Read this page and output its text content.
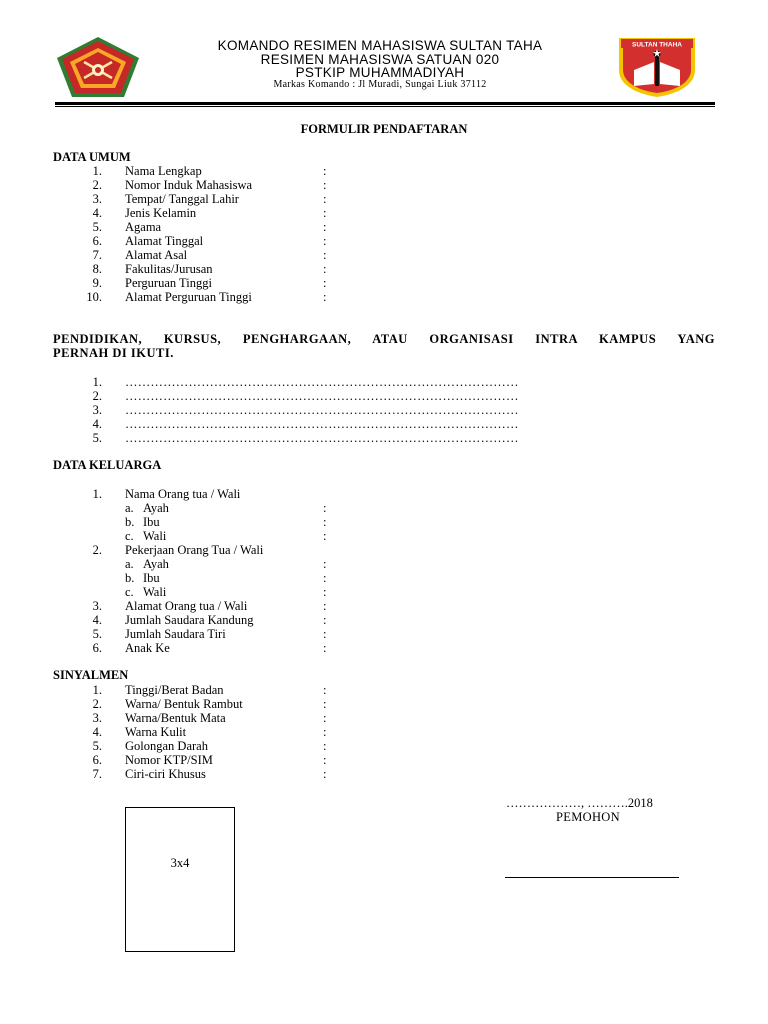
SULTAN THAHA
KOMANDO RESIMEN MAHASISWA SULTAN TAHA
RESIMEN MAHASISWA SATUAN 020
PSTKIP MUHAMMADIYAH
Markas Komando : Jl Muradi, Sungai Liuk 37112
FORMULIR PENDAFTARAN
DATA UMUM
1. Nama Lengkap	:
2. Nomor Induk Mahasiswa	:
3. Tempat/ Tanggal Lahir	:
4. Jenis Kelamin	:
5. Agama	:
6. Alamat Tinggal	:
7. Alamat Asal	:
8. Fakulitas/Jurusan	:
9. Perguruan Tinggi	:
10. Alamat Perguruan Tinggi	:
PENDIDIKAN, KURSUS, PENGHARGAAN, ATAU ORGANISASI INTRA KAMPUS YANG
PERNAH DI IKUTI.
1. …………………………………………………………………………………
2. …………………………………………………………………………………
3. …………………………………………………………………………………
4. …………………………………………………………………………………
5. …………………………………………………………………………………
DATA KELUARGA
1. Nama Orang tua / Wali
a. Ayah	:
b. Ibu	:
c. Wali	:
2. Pekerjaan Orang Tua / Wali
a. Ayah	:
b. Ibu	:
c. Wali	:
3. Alamat Orang tua / Wali	:
4. Jumlah Saudara Kandung	:
5. Jumlah Saudara Tiri	:
6. Anak Ke	:
SINYALMEN
1. Tinggi/Berat Badan	:
2. Warna/ Bentuk Rambut	:
3. Warna/Bentuk Mata	:
4. Warna Kulit	:
5. Golongan Darah	:
6. Nomor KTP/SIM	:
7. Ciri-ciri Khusus	:
3x4
………………, ……….2018
PEMOHON
